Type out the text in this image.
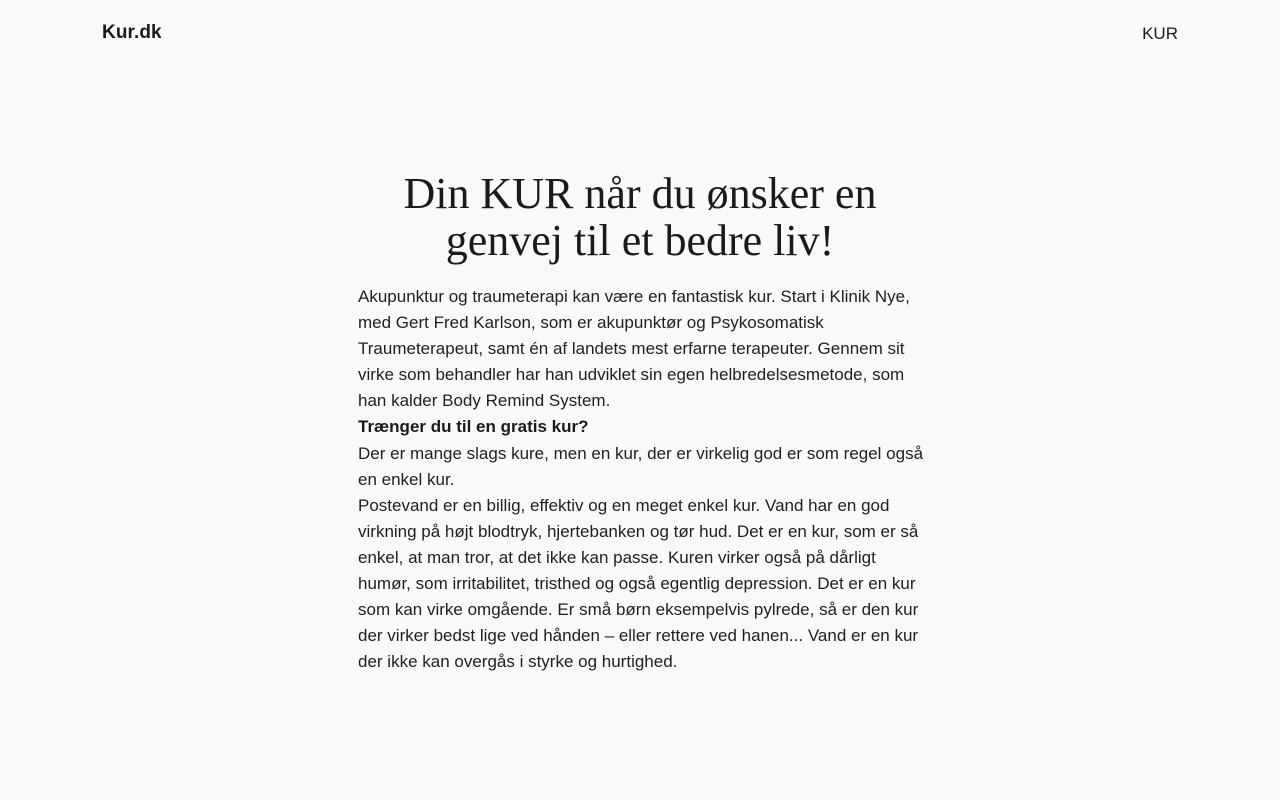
Kur.dk	KUR
Din KUR når du ønsker en genvej til et bedre liv!

Akupunktur og traumeterapi kan være en fantastisk kur. Start i Klinik Nye, med Gert Fred Karlson, som er akupunktør og Psykosomatisk Traumeterapeut, samt én af landets mest erfarne terapeuter. Gennem sit virke som behandler har han udviklet sin egen helbredelsesmetode, som han kalder Body Remind System.

Trænger du til en gratis kur?

Der er mange slags kure, men en kur, der er virkelig god er som regel også en enkel kur.

Postevand er en billig, effektiv og en meget enkel kur. Vand har en god virkning på højt blodtryk, hjertebanken og tør hud. Det er en kur, som er så enkel, at man tror, at det ikke kan passe. Kuren virker også på dårligt humør, som irritabilitet, tristhed og også egentlig depression. Det er en kur som kan virke omgående. Er små børn eksempelvis pylrede, så er den kur der virker bedst lige ved hånden – eller rettere ved hanen... Vand er en kur der ikke kan overgås i styrke og hurtighed.
